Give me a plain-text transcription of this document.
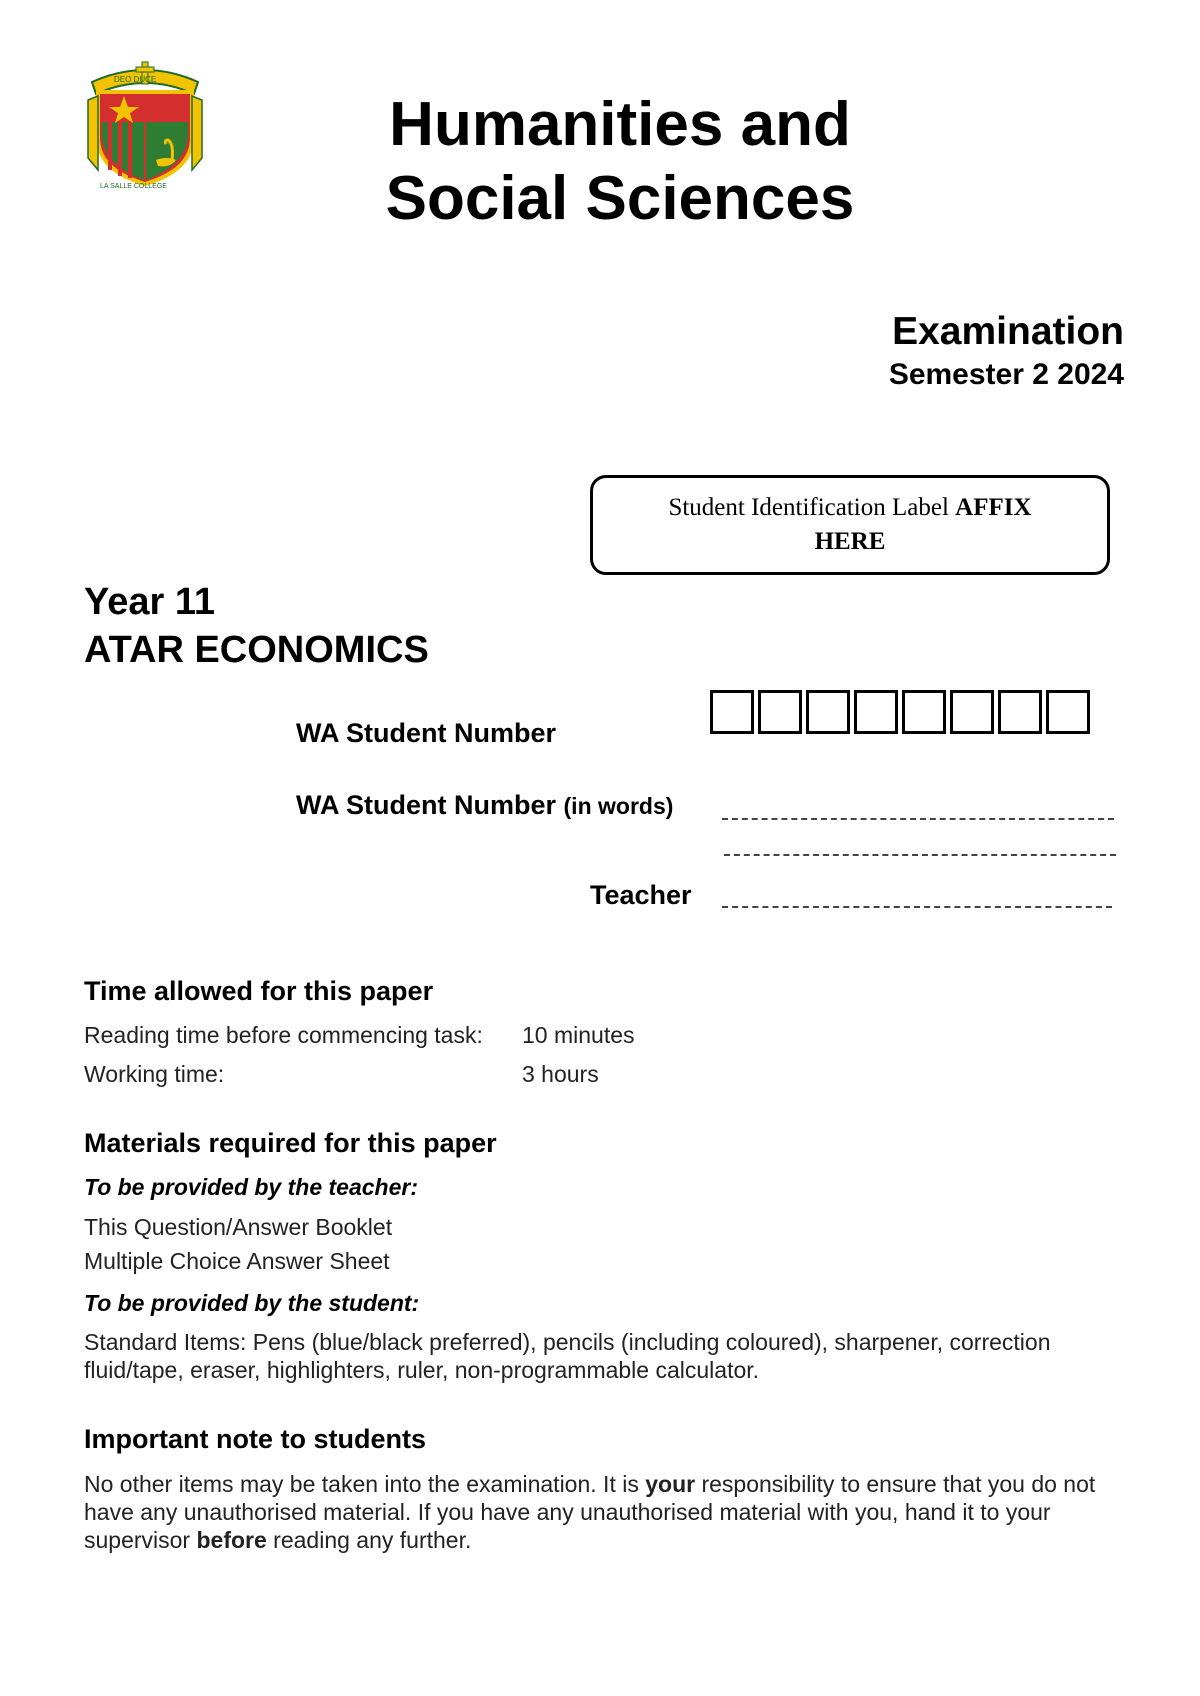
DEO DUCE
LA SALLE COLLEGE
Humanities and
Social Sciences
Examination
Semester 2 2024
Student Identification Label AFFIX
HERE
Year 11
ATAR ECONOMICS
WA Student Number
WA Student Number (in words)
Teacher
Time allowed for this paper
Reading time before commencing task: 10 minutes
Working time:	3 hours
Materials required for this paper
To be provided by the teacher:
This Question/Answer Booklet
Multiple Choice Answer Sheet
To be provided by the student:
Standard Items: Pens (blue/black preferred), pencils (including coloured), sharpener, correction fluid/tape, eraser, highlighters, ruler, non-programmable calculator.
Important note to students
No other items may be taken into the examination. It is your responsibility to ensure that you do not have any unauthorised material. If you have any unauthorised material with you, hand it to your supervisor before reading any further.
